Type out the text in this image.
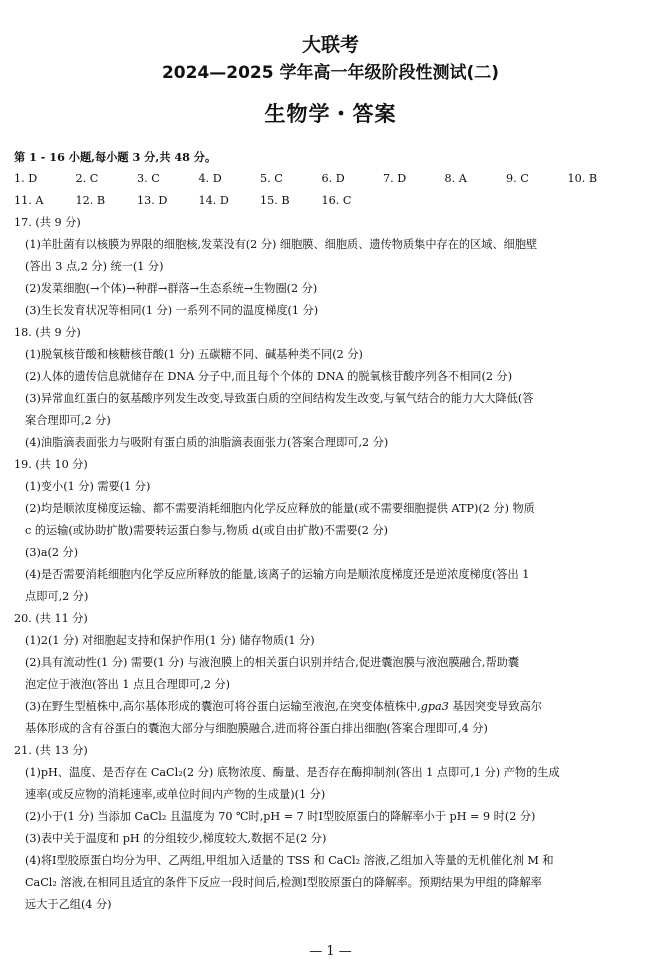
大联考
2024—2025 学年高一年级阶段性测试(二)
生物学・答案
第 1 - 16 小题,每小题 3 分,共 48 分。
1. D	2. C	3. C	4. D	5. C	6. D	7. D	8. A	9. C	10. B
11. A	12. B	13. D	14. D	15. B	16. C
17. (共 9 分)
(1)羊肚菌有以核膜为界限的细胞核,发菜没有(2 分) 细胞膜、细胞质、遗传物质集中存在的区域、细胞壁
(答出 3 点,2 分) 统一(1 分)
(2)发菜细胞(→个体)→种群→群落→生态系统→生物圈(2 分)
(3)生长发育状况等相同(1 分) 一系列不同的温度梯度(1 分)
18. (共 9 分)
(1)脱氧核苷酸和核糖核苷酸(1 分) 五碳糖不同、碱基种类不同(2 分)
(2)人体的遗传信息就储存在 DNA 分子中,而且每个个体的 DNA 的脱氧核苷酸序列各不相同(2 分)
(3)异常血红蛋白的氨基酸序列发生改变,导致蛋白质的空间结构发生改变,与氧气结合的能力大大降低(答
案合理即可,2 分)
(4)油脂滴表面张力与吸附有蛋白质的油脂滴表面张力(答案合理即可,2 分)
19. (共 10 分)
(1)变小(1 分) 需要(1 分)
(2)均是顺浓度梯度运输、都不需要消耗细胞内化学反应释放的能量(或不需要细胞提供 ATP)(2 分) 物质
c 的运输(或协助扩散)需要转运蛋白参与,物质 d(或自由扩散)不需要(2 分)
(3)a(2 分)
(4)是否需要消耗细胞内化学反应所释放的能量,该离子的运输方向是顺浓度梯度还是逆浓度梯度(答出 1
点即可,2 分)
20. (共 11 分)
(1)2(1 分) 对细胞起支持和保护作用(1 分) 储存物质(1 分)
(2)具有流动性(1 分) 需要(1 分) 与液泡膜上的相关蛋白识别并结合,促进囊泡膜与液泡膜融合,帮助囊
泡定位于液泡(答出 1 点且合理即可,2 分)
(3)在野生型植株中,高尔基体形成的囊泡可将谷蛋白运输至液泡,在突变体植株中,gpa3 基因突变导致高尔
基体形成的含有谷蛋白的囊泡大部分与细胞膜融合,进而将谷蛋白排出细胞(答案合理即可,4 分)
21. (共 13 分)
(1)pH、温度、是否存在 CaCl₂(2 分) 底物浓度、酶量、是否存在酶抑制剂(答出 1 点即可,1 分) 产物的生成
速率(或反应物的消耗速率,或单位时间内产物的生成量)(1 分)
(2)小于(1 分) 当添加 CaCl₂ 且温度为 70 ℃时,pH = 7 时Ⅰ型胶原蛋白的降解率小于 pH = 9 时(2 分)
(3)表中关于温度和 pH 的分组较少,梯度较大,数据不足(2 分)
(4)将Ⅰ型胶原蛋白均分为甲、乙两组,甲组加入适量的 TSS 和 CaCl₂ 溶液,乙组加入等量的无机催化剂 M 和
CaCl₂ 溶液,在相同且适宜的条件下反应一段时间后,检测Ⅰ型胶原蛋白的降解率。预期结果为甲组的降解率
远大于乙组(4 分)
— 1 —
